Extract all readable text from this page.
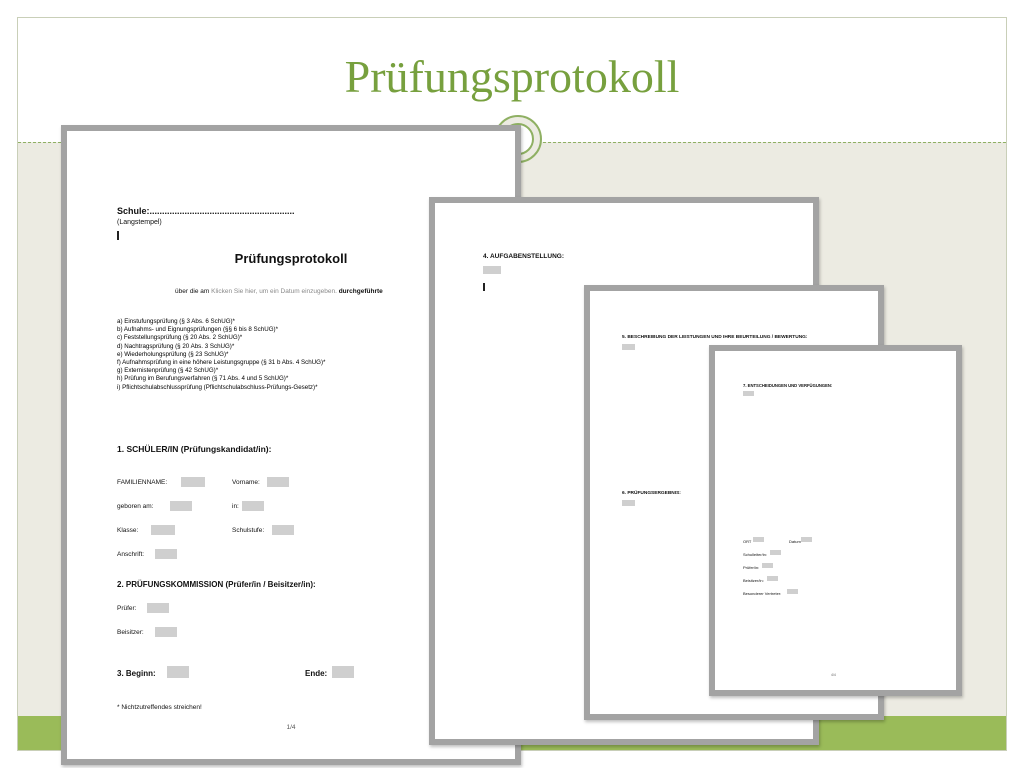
Prüfungsprotokoll
Schule:..........................................................
(Langstempel)
Prüfungsprotokoll
über die am Klicken Sie hier, um ein Datum einzugeben. durchgeführte
a) Einstufungsprüfung (§ 3 Abs. 6 SchUG)*
b) Aufnahms- und Eignungsprüfungen (§§ 6 bis 8 SchUG)*
c) Feststellungsprüfung (§ 20 Abs. 2 SchUG)*
d) Nachtragsprüfung (§ 20 Abs. 3 SchUG)*
e) Wiederholungsprüfung (§ 23 SchUG)*
f) Aufnahmsprüfung in eine höhere Leistungsgruppe (§ 31 b Abs. 4 SchUG)*
g) Externistenprüfung (§ 42 SchUG)*
h) Prüfung im Berufungsverfahren (§ 71 Abs. 4 und 5 SchUG)*
i) Pflichtschulabschlussprüfung (Pflichtschulabschluss-Prüfungs-Gesetz)*
1. SCHÜLER/IN (Prüfungskandidat/in):
FAMILIENNAME:	Vorname:
geboren am:	in:
Klasse:	Schulstufe:
Anschrift:
2. PRÜFUNGSKOMMISSION (Prüfer/in / Beisitzer/in):
Prüfer:
Beisitzer:
3. Beginn:	Ende:
* Nichtzutreffendes streichen!
1/4
4. AUFGABENSTELLUNG:
5. BESCHREIBUNG DER LEISTUNGEN UND IHRE BEURTEILUNG / BEWERTUNG:
6. PRÜFUNGSERGEBNIS:
7. ENTSCHEIDUNGEN UND VERFÜGUNGEN:
ORT	Datum
Schulleiter/in:
Prüfer/in:
Beisitzer/in:
Besonderer Vertreter:
4/4
